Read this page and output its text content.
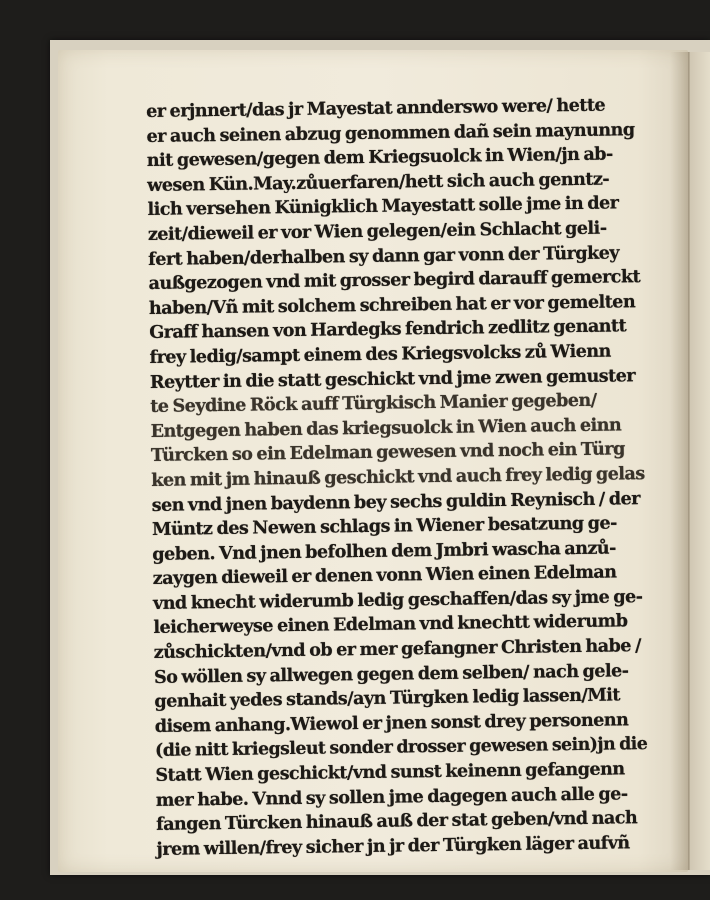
er erjnnert/das jr Mayestat annderswo were/ hette
er auch seinen abzug genommen dañ sein maynunng
nit gewesen/gegen dem Kriegsuolck in Wien/jn ab-
wesen Kün.May.zůuerfaren/hett sich auch genntz-
lich versehen Künigklich Mayestatt solle jme in der
zeit/dieweil er vor Wien gelegen/ein Schlacht geli-
fert haben/derhalben sy dann gar vonn der Türgkey
außgezogen vnd mit grosser begird darauff gemerckt
haben/Vñ mit solchem schreiben hat er vor gemelten
Graff hansen von Hardegks fendrich zedlitz genantt
frey ledig/sampt einem des Kriegsvolcks zů Wienn
Reytter in die statt geschickt vnd jme zwen gemuster
te Seydine Röck auff Türgkisch Manier gegeben/
Entgegen haben das kriegsuolck in Wien auch einn
Türcken so ein Edelman gewesen vnd noch ein Türg
ken mit jm hinauß geschickt vnd auch frey ledig gelas
sen vnd jnen baydenn bey sechs guldin Reynisch / der
Müntz des Newen schlags in Wiener besatzung ge-
geben. Vnd jnen befolhen dem Jmbri wascha anzů-
zaygen dieweil er denen vonn Wien einen Edelman
vnd knecht widerumb ledig geschaffen/das sy jme ge-
leicherweyse einen Edelman vnd knechtt widerumb
zůschickten/vnd ob er mer gefangner Christen habe /
So wöllen sy allwegen gegen dem selben/ nach gele-
genhait yedes stands/ayn Türgken ledig lassen/Mit
disem anhang.Wiewol er jnen sonst drey personenn
(die nitt kriegsleut sonder drosser gewesen sein)jn die
Statt Wien geschickt/vnd sunst keinenn gefangenn
mer habe. Vnnd sy sollen jme dagegen auch alle ge-
fangen Türcken hinauß auß der stat geben/vnd nach
jrem willen/frey sicher jn jr der Türgken läger aufvñ
